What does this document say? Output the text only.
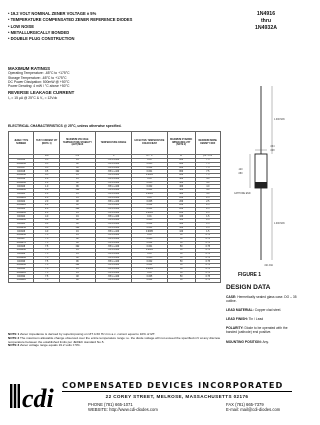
• 19.2 VOLT NOMINAL ZENER VOLTAGE ± 5%
• TEMPERATURE COMPENSATED ZENER REFERENCE DIODES
• LOW NOISE
• METALLURGICALLY BONDED
• DOUBLE PLUG CONSTRUCTION
1N4916
thru
1N4932A
MAXIMUM RATINGS
Operating Temperature: -65°C to +175°C
Storage Temperature: -65°C to +175°C
DC Power Dissipation: 500mW @ +50°C
Power Derating: 4 mW / °C above +50°C
REVERSE LEAKAGE CURRENT
I₀ = 15 µA @ 25°C & V₀ = 12Vdc
ELECTRICAL CHARACTERISTICS @ 25°C, unless otherwise specified.
JEDEC TYPE NUMBER	TEST CURRENT IZT (NOTE 1)	MAXIMUM VOLTAGE TEMPERATURE STABILITY (ΔVZ) MAX	TEMPERATURE RANGE	EFFECTIVE TEMPERATURE COEFFICIENT	MAXIMUM DYNAMIC IMPEDANCE ZZT (NOTE 2)	MAXIMUM NOISE DENSITY NDZ
	mA	mV	°C	% / °C	Ω	µV / √Hz
1N4916	0.5	19	-55 to +100	0.01	800	7.5
1N4916A	0.5	48	-55 to +100	0.005	800	7.5
1N4917	0.5	96	-55 to +100	0.002	800	7.5
1N4918	0.5	192	-55 to +100	0.001	800	7.5
1N4918A	0.5	19	-55 to +100	0.0005	800	7.5
1N4919	1.0	19	-55 to +100	0.01	400	4.0
1N4919A	1.0	48	-55 to +100	0.005	400	4.0
1N4920	1.0	96	-55 to +100	0.002	400	4.0
1N4920A	1.0	192	-55 to +100	0.001	400	4.0
1N4921	1.0	19	-55 to +100	0.0005	400	4.0
1N4921A	2.0	19	-55 to +100	0.01	200	2.5
1N4922	2.0	48	-55 to +100	0.005	200	2.5
1N4922A	2.0	96	-55 to +100	0.002	200	2.5
1N4923	2.0	192	-55 to +100	0.001	200	2.5
1N4923A	2.0	19	-55 to +100	0.0005	200	2.5
1N4924	4.0	19	-55 to +100	0.01	100	1.5
1N4924A	4.0	48	-55 to +100	0.005	100	1.5
1N4925	4.0	96	-55 to +100	0.002	100	1.5
1N4925A	4.0	192	-55 to +100	0.001	100	1.5
1N4926	4.0	19	-55 to +100	0.0005	100	1.5
1N4926A	7.5	19	-55 to +100	0.01	50	0.75
1N4927	7.5	48	-55 to +100	0.005	50	0.75
1N4927A	7.5	96	-55 to +100	0.002	50	0.75
1N4928	7.5	192	-55 to +100	0.001	50	0.75
1N4928A	7.5	19	-55 to +100	0.0005	50	0.75
1N4929	7.5	19	-55 to +100	0.01	50	0.75
1N4929A	7.5	48	-55 to +100	0.005	50	0.75
1N4930	7.5	96	-55 to +100	0.002	50	0.75
1N4930A	7.5	192	-55 to +100	0.001	50	0.75
1N4931	7.5	19	-55 to +100	0.0005	50	0.75
1N4931A	7.5	19	-55 to +100	0.01	50	0.75
1N4932	7.5	48	-55 to +100	0.005	50	0.75
1N4932A	7.5	96	-55 to +100	0.002	50	0.75
NOTE 1 Zener impedance is derived by superimposing on IZT A 60 Hz rms a.c. current equal to 10% of IZT.
NOTE 2 The maximum allowable change observed over the entire temperature range i.e. the diode voltage will not exceed the specified mV at any discrete temperature between the established limits per JEDEC standard No.5.
NOTE 3 Zener voltage range equals 19.2 volts ± 5%.
.034
.028
1.000 MIN
.120
.080
1.000 MIN
CATHODE END
.021 DIA
FIGURE 1
DESIGN DATA
CASE: Hermetically sealed glass case. DO – 35 outline.
LEAD MATERIAL: Copper clad steel.
LEAD FINISH: Tin / Lead
POLARITY: Diode to be operated with the banded (cathode) end positive.
MOUNTING POSITION: Any.
cdi COMPENSATED DEVICES INCORPORATED
22 COREY STREET, MELROSE, MASSACHUSETTS 02176
PHONE (781) 665-1071
WEBSITE: http://www.cdi-diodes.com
FAX (781) 665-7379
E-mail: mail@cdi-diodes.com
